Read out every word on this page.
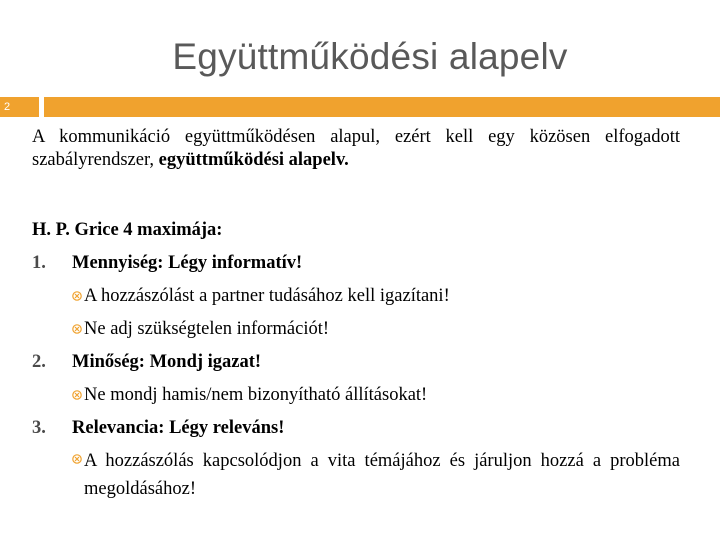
Együttműködési alapelv
2

A kommunikáció együttműködésen alapul, ezért kell egy közösen elfogadott szabályrendszer, együttműködési alapelv.

H. P. Grice 4 maximája:
1. Mennyiség: Légy informatív!
A hozzászólást a partner tudásához kell igazítani!
Ne adj szükségtelen információt!
2. Minőség: Mondj igazat!
Ne mondj hamis/nem bizonyítható állításokat!
3. Relevancia: Légy releváns!
A hozzászólás kapcsolódjon a vita témájához és járuljon hozzá a probléma megoldásához!
